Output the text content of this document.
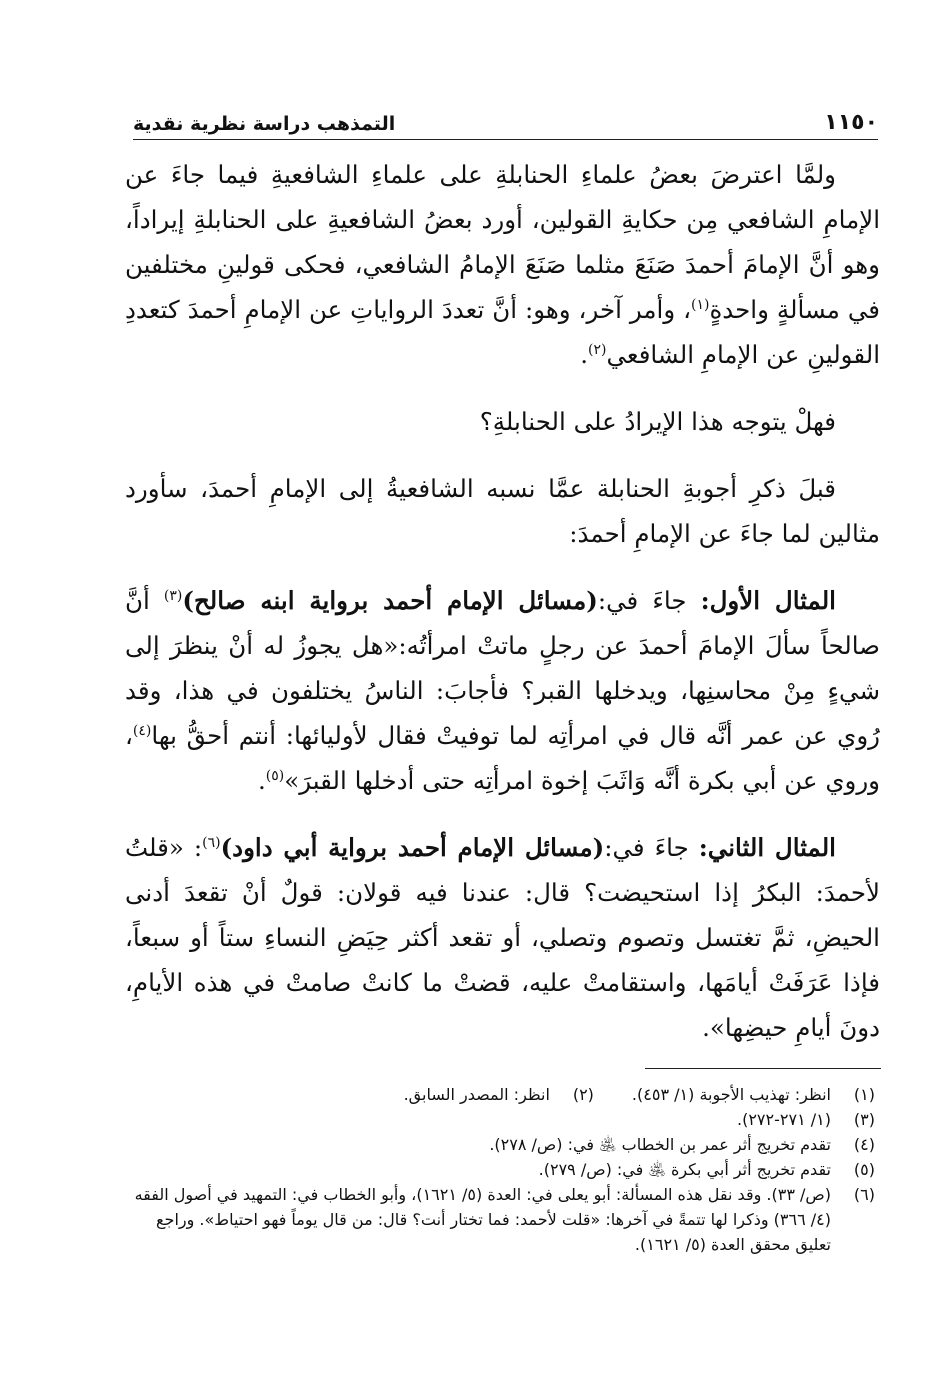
١١٥٠
التمذهب دراسة نظرية نقدية

ولمَّا اعترضَ بعضُ علماءِ الحنابلةِ على علماءِ الشافعيةِ فيما جاءَ عن الإمامِ الشافعي مِن حكايةِ القولين، أورد بعضُ الشافعيةِ على الحنابلةِ إيراداً، وهو أنَّ الإمامَ أحمدَ صَنَعَ مثلما صَنَعَ الإمامُ الشافعي، فحكى قولينِ مختلفين في مسألةٍ واحدةٍ$^{(١)}$، وأمر آخر، وهو: أنَّ تعددَ الرواياتِ عن الإمامِ أحمدَ كتعددِ القولينِ عن الإمامِ الشافعي$^{(٢)}$.

فهلْ يتوجه هذا الإيرادُ على الحنابلةِ؟

قبلَ ذكرِ أجوبةِ الحنابلة عمَّا نسبه الشافعيةُ إلى الإمامِ أحمدَ، سأورد مثالين لما جاءَ عن الإمامِ أحمدَ:

المثال الأول: جاءَ في:(مسائل الإمام أحمد برواية ابنه صالح)$^{(٣)}$ أنَّ صالحاً سألَ الإمامَ أحمدَ عن رجلٍ ماتتْ امرأتُه:«هل يجوزُ له أنْ ينظرَ إلى شيءٍ مِنْ محاسنِها، ويدخلها القبر؟ فأجابَ: الناسُ يختلفون في هذا، وقد رُوي عن عمر أنَّه قال في امرأتِه لما توفيتْ فقال لأوليائها: أنتم أحقُّ بها$^{(٤)}$، وروي عن أبي بكرة أنَّه وَاثَبَ إخوة امرأتِه حتى أدخلها القبرَ»$^{(٥)}$.

المثال الثاني: جاءَ في:(مسائل الإمام أحمد برواية أبي داود)$^{(٦)}$: «قلتُ لأحمدَ: البكرُ إذا استحيضت؟ قال: عندنا فيه قولان: قولٌ أنْ تقعدَ أدنى الحيضِ، ثمَّ تغتسل وتصوم وتصلي، أو تقعد أكثر حِيَضِ النساءِ ستاً أو سبعاً، فإذا عَرَفَتْ أيامَها، واستقامتْ عليه، قضتْ ما كانتْ صامتْ في هذه الأيامِ، دونَ أيامِ حيضِها».

(١)
انظر: تهذيب الأجوبة (١/ ٤٥٣).
(٢)
انظر: المصدر السابق.
(٣)
(١/ ٢٧١-٢٧٢).
(٤)
تقدم تخريج أثر عمر بن الخطاب ﵁ في: (ص/ ٢٧٨).
(٥)
تقدم تخريج أثر أبي بكرة ﵁ في: (ص/ ٢٧٩).
(٦)
(ص/ ٣٣). وقد نقل هذه المسألة: أبو يعلى في: العدة (٥/ ١٦٢١)، وأبو الخطاب في: التمهيد في أصول الفقه (٤/ ٣٦٦) وذكرا لها تتمةً في آخرها: «قلت لأحمد: فما تختار أنت؟ قال: من قال يوماً فهو احتياط». وراجع تعليق محقق العدة (٥/ ١٦٢١).
